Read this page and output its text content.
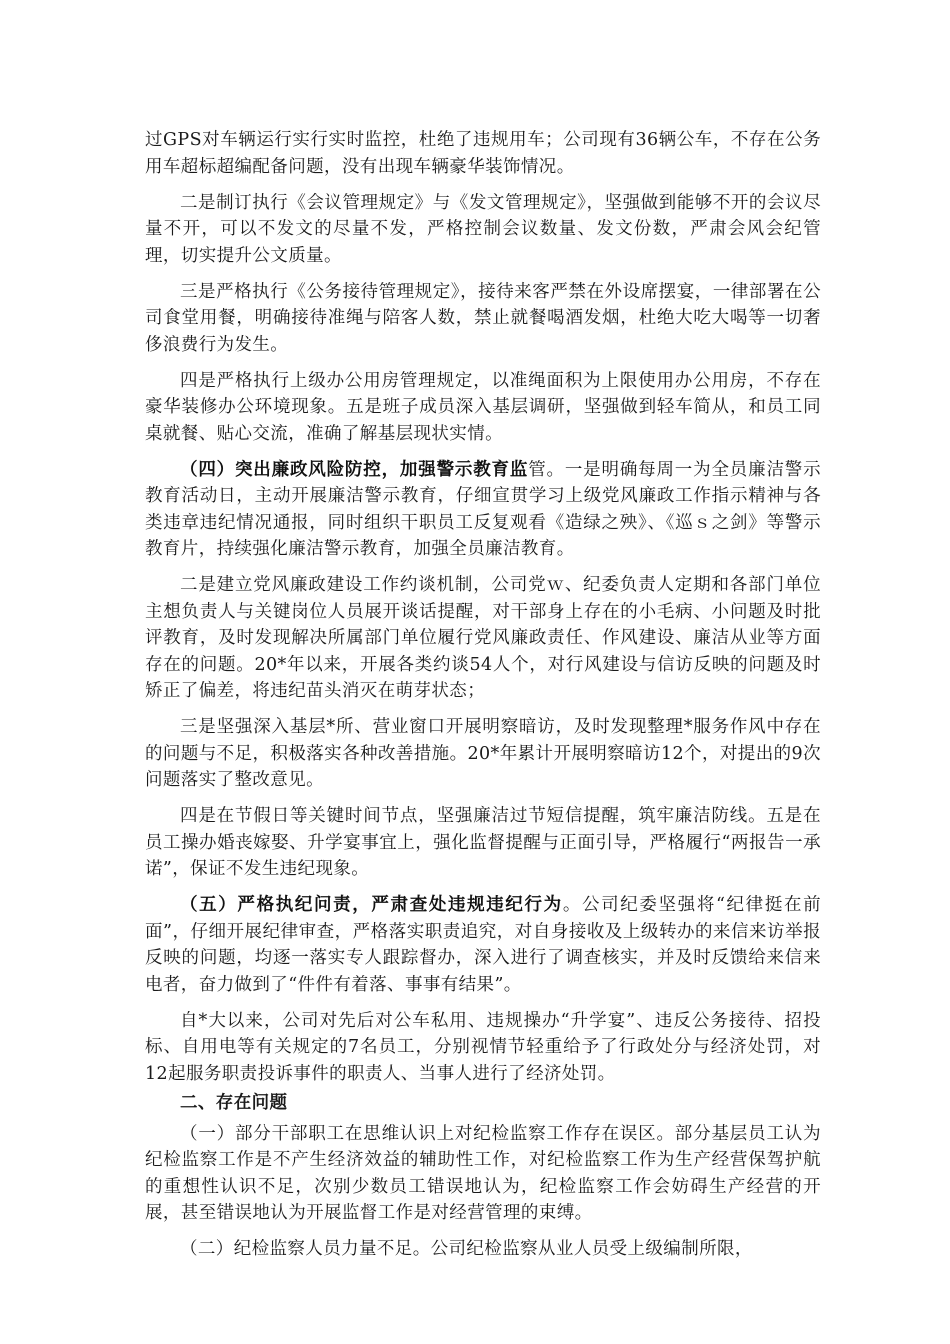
过GPS对车辆运行实行实时监控，杜绝了违规用车；公司现有36辆公车，不存在公务用车超标超编配备问题，没有出现车辆豪华装饰情况。

二是制订执行《会议管理规定》与《发文管理规定》，坚强做到能够不开的会议尽量不开，可以不发文的尽量不发，严格控制会议数量、发文份数，严肃会风会纪管理，切实提升公文质量。

三是严格执行《公务接待管理规定》，接待来客严禁在外设席摆宴，一律部署在公司食堂用餐，明确接待准绳与陪客人数，禁止就餐喝酒发烟，杜绝大吃大喝等一切奢侈浪费行为发生。

四是严格执行上级办公用房管理规定，以准绳面积为上限使用办公用房，不存在豪华装修办公环境现象。五是班子成员深入基层调研，坚强做到轻车简从，和员工同桌就餐、贴心交流，准确了解基层现状实情。

（四）突出廉政风险防控，加强警示教育监管。一是明确每周一为全员廉洁警示教育活动日，主动开展廉洁警示教育，仔细宣贯学习上级党风廉政工作指示精神与各类违章违纪情况通报，同时组织干职员工反复观看《造绿之殃》、《巡ｓ之剑》等警示教育片，持续强化廉洁警示教育，加强全员廉洁教育。

二是建立党风廉政建设工作约谈机制，公司党ｗ、纪委负责人定期和各部门单位主想负责人与关键岗位人员展开谈话提醒，对干部身上存在的小毛病、小问题及时批评教育，及时发现解决所属部门单位履行党风廉政责任、作风建设、廉洁从业等方面存在的问题。20*年以来，开展各类约谈54人个，对行风建设与信访反映的问题及时矫正了偏差，将违纪苗头消灭在萌芽状态；

三是坚强深入基层*所、营业窗口开展明察暗访，及时发现整理*服务作风中存在的问题与不足，积极落实各种改善措施。20*年累计开展明察暗访12个，对提出的9次问题落实了整改意见。

四是在节假日等关键时间节点，坚强廉洁过节短信提醒，筑牢廉洁防线。五是在员工操办婚丧嫁娶、升学宴事宜上，强化监督提醒与正面引导，严格履行“两报告一承诺”，保证不发生违纪现象。

（五）严格执纪问责，严肃查处违规违纪行为。公司纪委坚强将“纪律挺在前面”，仔细开展纪律审查，严格落实职责追究，对自身接收及上级转办的来信来访举报反映的问题，均逐一落实专人跟踪督办，深入进行了调查核实，并及时反馈给来信来电者，奋力做到了“件件有着落、事事有结果”。

自*大以来，公司对先后对公车私用、违规操办“升学宴”、违反公务接待、招投标、自用电等有关规定的7名员工，分别视情节轻重给予了行政处分与经济处罚，对12起服务职责投诉事件的职责人、当事人进行了经济处罚。

二、存在问题

（一）部分干部职工在思维认识上对纪检监察工作存在误区。部分基层员工认为纪检监察工作是不产生经济效益的辅助性工作，对纪检监察工作为生产经营保驾护航的重想性认识不足，次别少数员工错误地认为，纪检监察工作会妨碍生产经营的开展，甚至错误地认为开展监督工作是对经营管理的束缚。

（二）纪检监察人员力量不足。公司纪检监察从业人员受上级编制所限，
